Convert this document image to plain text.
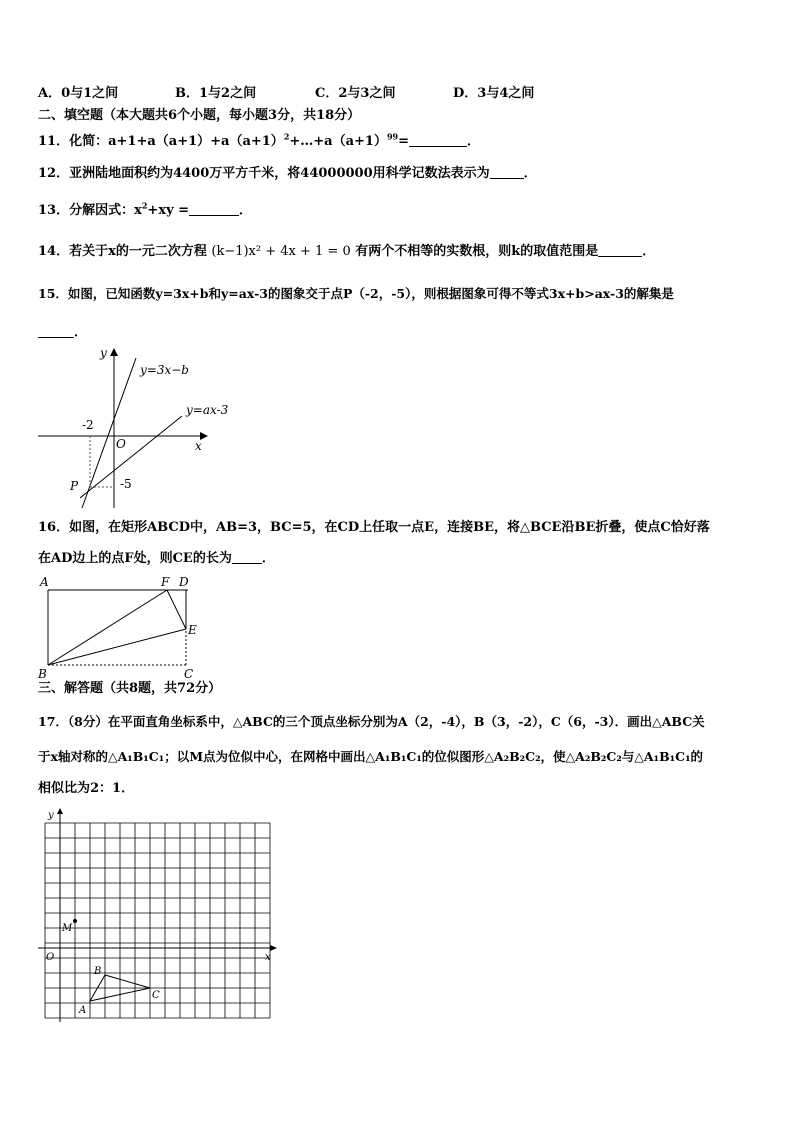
A．0与1之间	B．1与2之间	C．2与3之间	D．3与4之间
二、填空题（本大题共6个小题，每小题3分，共18分）
11．化简：$a+1+a(a+1)+a(a+1)^2+\dots+a(a+1)^{99}=$	．
12．亚洲陆地面积约为4400万平方千米，将44000000用科学记数法表示为	．
13．分解因式：$x^2+xy$ =	．
14．若关于x的一元二次方程 (k−1)x² + 4x + 1 = 0 有两个不相等的实数根，则k的取值范围是	．
15．如图，已知函数y=3x+b和y=ax-3的图象交于点P（-2，-5），则根据图象可得不等式3x+b>ax-3的解集是
．
y
x
O
y=3x−b
y=ax-3
-2
-5
P
16．如图，在矩形ABCD中，AB=3，BC=5，在CD上任取一点E，连接BE，将△BCE沿BE折叠，使点C恰好落
在AD边上的点F处，则CE的长为 ．
A	F D
E
B	C
三、解答题（共8题，共72分）
17．（8分）在平面直角坐标系中，△ABC的三个顶点坐标分别为A（2，-4），B（3，-2），C（6，-3）．画出△ABC关
于x轴对称的△A₁B₁C₁；以M点为位似中心，在网格中画出△A₁B₁C₁的位似图形△A₂B₂C₂，使△A₂B₂C₂与△A₁B₁C₁的
相似比为2：1．
y
x
O
M
A
B
C
